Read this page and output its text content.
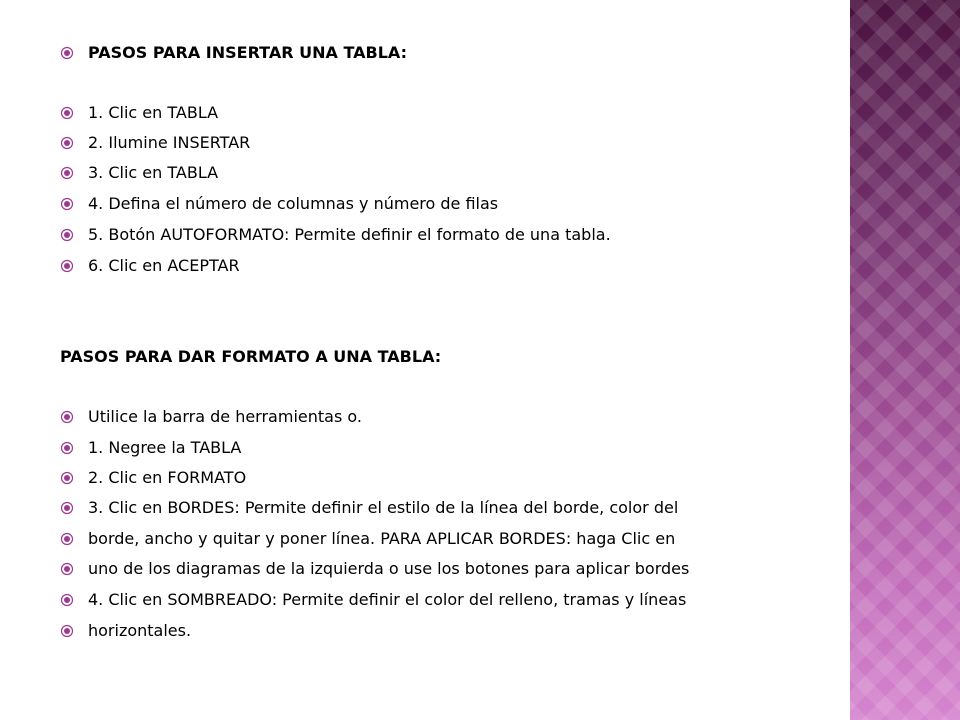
PASOS PARA INSERTAR UNA TABLA:
1. Clic en TABLA
2. Ilumine INSERTAR
3. Clic en TABLA
4. Defina el número de columnas y número de filas
5. Botón AUTOFORMATO: Permite definir el formato de una tabla.
6. Clic en ACEPTAR
PASOS PARA DAR FORMATO A UNA TABLA:
Utilice la barra de herramientas o.
1. Negree la TABLA
2. Clic en FORMATO
3. Clic en BORDES: Permite definir el estilo de la línea del borde, color del
borde, ancho y quitar y poner línea. PARA APLICAR BORDES: haga Clic en
uno de los diagramas de la izquierda o use los botones para aplicar bordes
4. Clic en SOMBREADO: Permite definir el color del relleno, tramas y líneas
horizontales.
